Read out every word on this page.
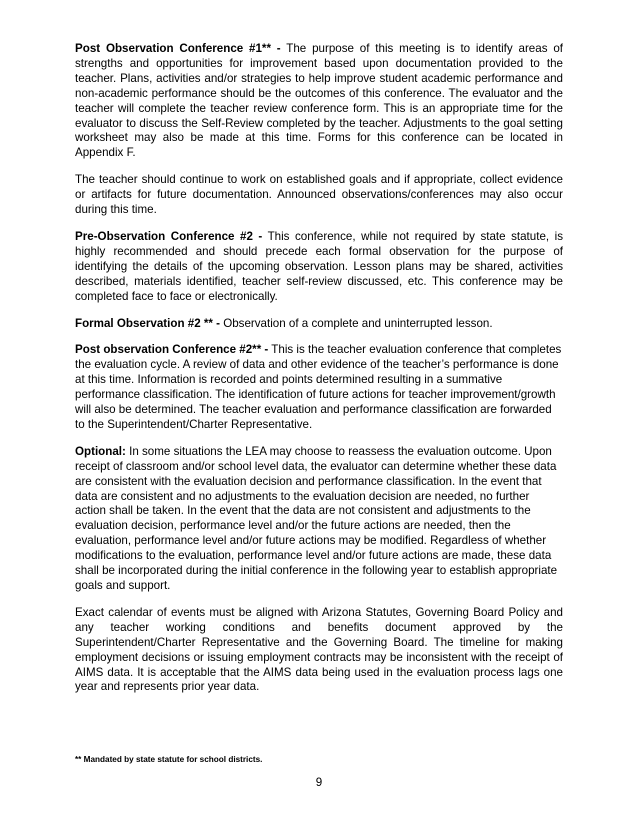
Post Observation Conference #1** - The purpose of this meeting is to identify areas of strengths and opportunities for improvement based upon documentation provided to the teacher. Plans, activities and/or strategies to help improve student academic performance and non-academic performance should be the outcomes of this conference. The evaluator and the teacher will complete the teacher review conference form. This is an appropriate time for the evaluator to discuss the Self-Review completed by the teacher. Adjustments to the goal setting worksheet may also be made at this time. Forms for this conference can be located in Appendix F.

The teacher should continue to work on established goals and if appropriate, collect evidence or artifacts for future documentation. Announced observations/conferences may also occur during this time.

Pre-Observation Conference #2 - This conference, while not required by state statute, is highly recommended and should precede each formal observation for the purpose of identifying the details of the upcoming observation. Lesson plans may be shared, activities described, materials identified, teacher self-review discussed, etc. This conference may be completed face to face or electronically.

Formal Observation #2 ** - Observation of a complete and uninterrupted lesson.

Post observation Conference #2** - This is the teacher evaluation conference that completes the evaluation cycle. A review of data and other evidence of the teacher’s performance is done at this time. Information is recorded and points determined resulting in a summative performance classification. The identification of future actions for teacher improvement/growth will also be determined. The teacher evaluation and performance classification are forwarded to the Superintendent/Charter Representative.

Optional: In some situations the LEA may choose to reassess the evaluation outcome. Upon receipt of classroom and/or school level data, the evaluator can determine whether these data are consistent with the evaluation decision and performance classification. In the event that data are consistent and no adjustments to the evaluation decision are needed, no further action shall be taken. In the event that the data are not consistent and adjustments to the evaluation decision, performance level and/or the future actions are needed, then the evaluation, performance level and/or future actions may be modified. Regardless of whether modifications to the evaluation, performance level and/or future actions are made, these data shall be incorporated during the initial conference in the following year to establish appropriate goals and support.

Exact calendar of events must be aligned with Arizona Statutes, Governing Board Policy and any teacher working conditions and benefits document approved by the Superintendent/Charter Representative and the Governing Board. The timeline for making employment decisions or issuing employment contracts may be inconsistent with the receipt of AIMS data. It is acceptable that the AIMS data being used in the evaluation process lags one year and represents prior year data.

** Mandated by state statute for school districts.
9
